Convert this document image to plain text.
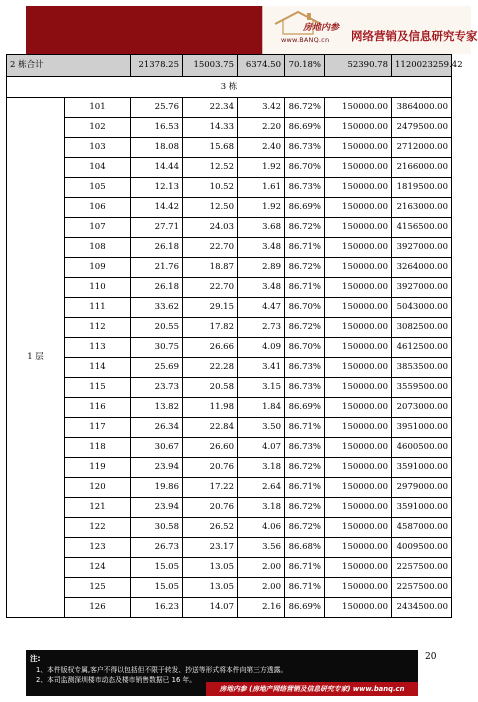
房地内参
www.BANQ.cn 网络营销及信息研究专家
2 栋合计		21378.25	15003.75	6374.50	70.18%	52390.78	1120023259.42
3 栋							
1 层	101	25.76	22.34	3.42	86.72%	150000.00	3864000.00
	102	16.53	14.33	2.20	86.69%	150000.00	2479500.00
	103	18.08	15.68	2.40	86.73%	150000.00	2712000.00
	104	14.44	12.52	1.92	86.70%	150000.00	2166000.00
	105	12.13	10.52	1.61	86.73%	150000.00	1819500.00
	106	14.42	12.50	1.92	86.69%	150000.00	2163000.00
	107	27.71	24.03	3.68	86.72%	150000.00	4156500.00
	108	26.18	22.70	3.48	86.71%	150000.00	3927000.00
	109	21.76	18.87	2.89	86.72%	150000.00	3264000.00
	110	26.18	22.70	3.48	86.71%	150000.00	3927000.00
	111	33.62	29.15	4.47	86.70%	150000.00	5043000.00
	112	20.55	17.82	2.73	86.72%	150000.00	3082500.00
	113	30.75	26.66	4.09	86.70%	150000.00	4612500.00
	114	25.69	22.28	3.41	86.73%	150000.00	3853500.00
	115	23.73	20.58	3.15	86.73%	150000.00	3559500.00
	116	13.82	11.98	1.84	86.69%	150000.00	2073000.00
	117	26.34	22.84	3.50	86.71%	150000.00	3951000.00
	118	30.67	26.60	4.07	86.73%	150000.00	4600500.00
	119	23.94	20.76	3.18	86.72%	150000.00	3591000.00
	120	19.86	17.22	2.64	86.71%	150000.00	2979000.00
	121	23.94	20.76	3.18	86.72%	150000.00	3591000.00
	122	30.58	26.52	4.06	86.72%	150000.00	4587000.00
	123	26.73	23.17	3.56	86.68%	150000.00	4009500.00
	124	15.05	13.05	2.00	86.71%	150000.00	2257500.00
	125	15.05	13.05	2.00	86.71%	150000.00	2257500.00
	126	16.23	14.07	2.16	86.69%	150000.00	2434500.00
注:
1、本件版权专属,客户不得以包括但不限于转发、抄送等形式将本件向第三方透露。
2、本司监测深圳楼市动态及楼市销售数据已 16 年。
房地内参 (房地产网络营销及信息研究专家) www.banq.cn
20
